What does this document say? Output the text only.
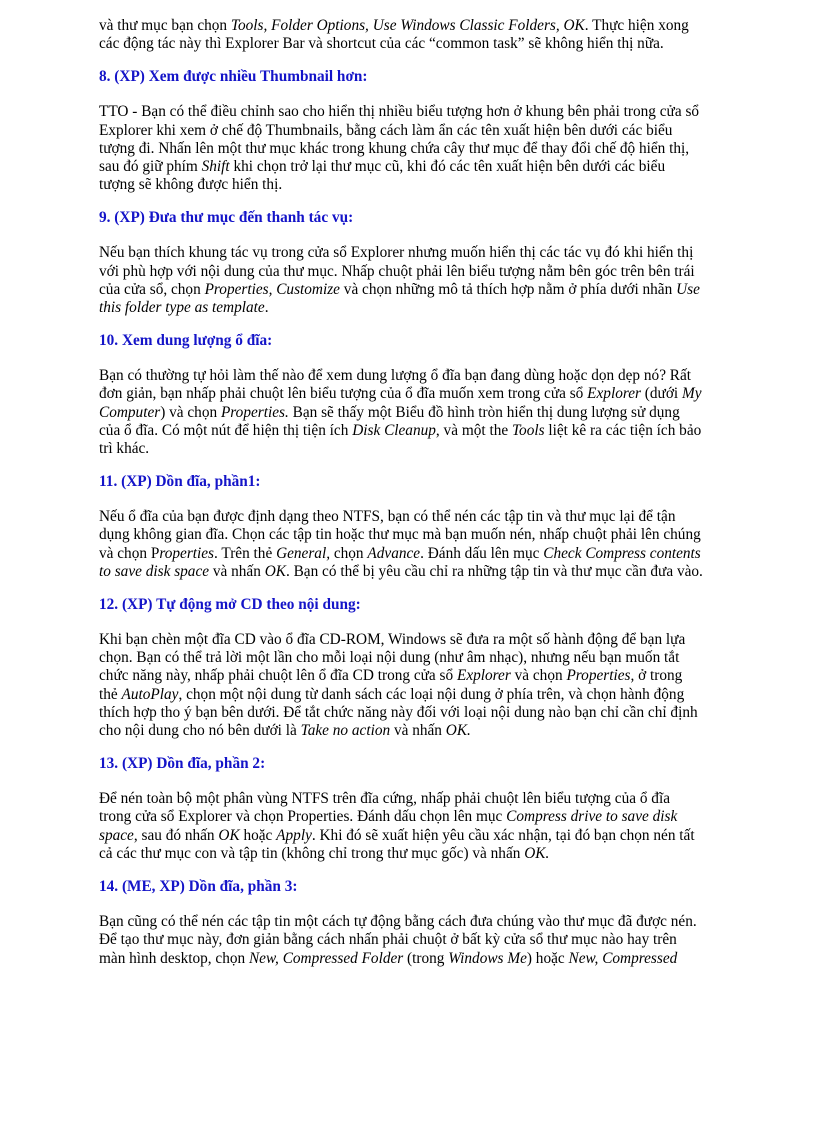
và thư mục bạn chọn Tools, Folder Options, Use Windows Classic Folders, OK. Thực hiện xong
các động tác này thì Explorer Bar và shortcut của các “common task” sẽ không hiển thị nữa.

8. (XP) Xem được nhiều Thumbnail hơn:

TTO - Bạn có thể điều chỉnh sao cho hiển thị nhiều biểu tượng hơn ở khung bên phải trong cửa sổ
Explorer khi xem ở chế độ Thumbnails, bằng cách làm ẩn các tên xuất hiện bên dưới các biểu
tượng đi. Nhấn lên một thư mục khác trong khung chứa cây thư mục để thay đổi chế độ hiển thị,
sau đó giữ phím Shift khi chọn trở lại thư mục cũ, khi đó các tên xuất hiện bên dưới các biểu
tượng sẽ không được hiển thị.

9. (XP) Đưa thư mục đến thanh tác vụ:

Nếu bạn thích khung tác vụ trong cửa sổ Explorer nhưng muốn hiển thị các tác vụ đó khi hiển thị
với phù hợp với nội dung của thư mục. Nhấp chuột phải lên biểu tượng nằm bên góc trên bên trái
của cửa sổ, chọn Properties, Customize và chọn những mô tả thích hợp nằm ở phía dưới nhãn Use
this folder type as template.

10. Xem dung lượng ổ đĩa:

Bạn có thường tự hỏi làm thế nào để xem dung lượng ổ đĩa bạn đang dùng hoặc dọn dẹp nó? Rất
đơn giản, bạn nhấp phải chuột lên biểu tượng của ổ đĩa muốn xem trong cửa sổ Explorer (dưới My
Computer) và chọn Properties. Bạn sẽ thấy một Biểu đồ hình tròn hiển thị dung lượng sử dụng
của ổ đĩa. Có một nút để hiện thị tiện ích Disk Cleanup, và một the Tools liệt kê ra các tiện ích bảo
trì khác.

11. (XP) Dồn đĩa, phần1:

Nếu ổ đĩa của bạn được định dạng theo NTFS, bạn có thể nén các tập tin và thư mục lại để tận
dụng không gian đĩa. Chọn các tập tin hoặc thư mục mà bạn muốn nén, nhấp chuột phải lên chúng
và chọn Properties. Trên thẻ General, chọn Advance. Đánh dấu lên mục Check Compress contents
to save disk space và nhấn OK. Bạn có thể bị yêu cầu chỉ ra những tập tin và thư mục cần đưa vào.

12. (XP) Tự động mở CD theo nội dung:

Khi bạn chèn một đĩa CD vào ổ đĩa CD-ROM, Windows sẽ đưa ra một số hành động để bạn lựa
chọn. Bạn có thể trả lời một lần cho mỗi loại nội dung (như âm nhạc), nhưng nếu bạn muốn tắt
chức năng này, nhấp phải chuột lên ổ đĩa CD trong cửa sổ Explorer và chọn Properties, ở trong
thẻ AutoPlay, chọn một nội dung từ danh sách các loại nội dung ở phía trên, và chọn hành động
thích hợp tho ý bạn bên dưới. Để tắt chức năng này đối với loại nội dung nào bạn chỉ cần chỉ định
cho nội dung cho nó bên dưới là Take no action và nhấn OK.

13. (XP) Dồn đĩa, phần 2:

Để nén toàn bộ một phân vùng NTFS trên đĩa cứng, nhấp phải chuột lên biểu tượng của ổ đĩa
trong cửa sổ Explorer và chọn Properties. Đánh dấu chọn lên mục Compress drive to save disk
space, sau đó nhấn OK hoặc Apply. Khi đó sẽ xuất hiện yêu cầu xác nhận, tại đó bạn chọn nén tất
cả các thư mục con và tập tin (không chỉ trong thư mục gốc) và nhấn OK.

14. (ME, XP) Dồn đĩa, phần 3:

Bạn cũng có thể nén các tập tin một cách tự động bằng cách đưa chúng vào thư mục đã được nén.
Để tạo thư mục này, đơn giản bằng cách nhấn phải chuột ở bất kỳ cửa sổ thư mục nào hay trên
màn hình desktop, chọn New, Compressed Folder (trong Windows Me) hoặc New, Compressed
